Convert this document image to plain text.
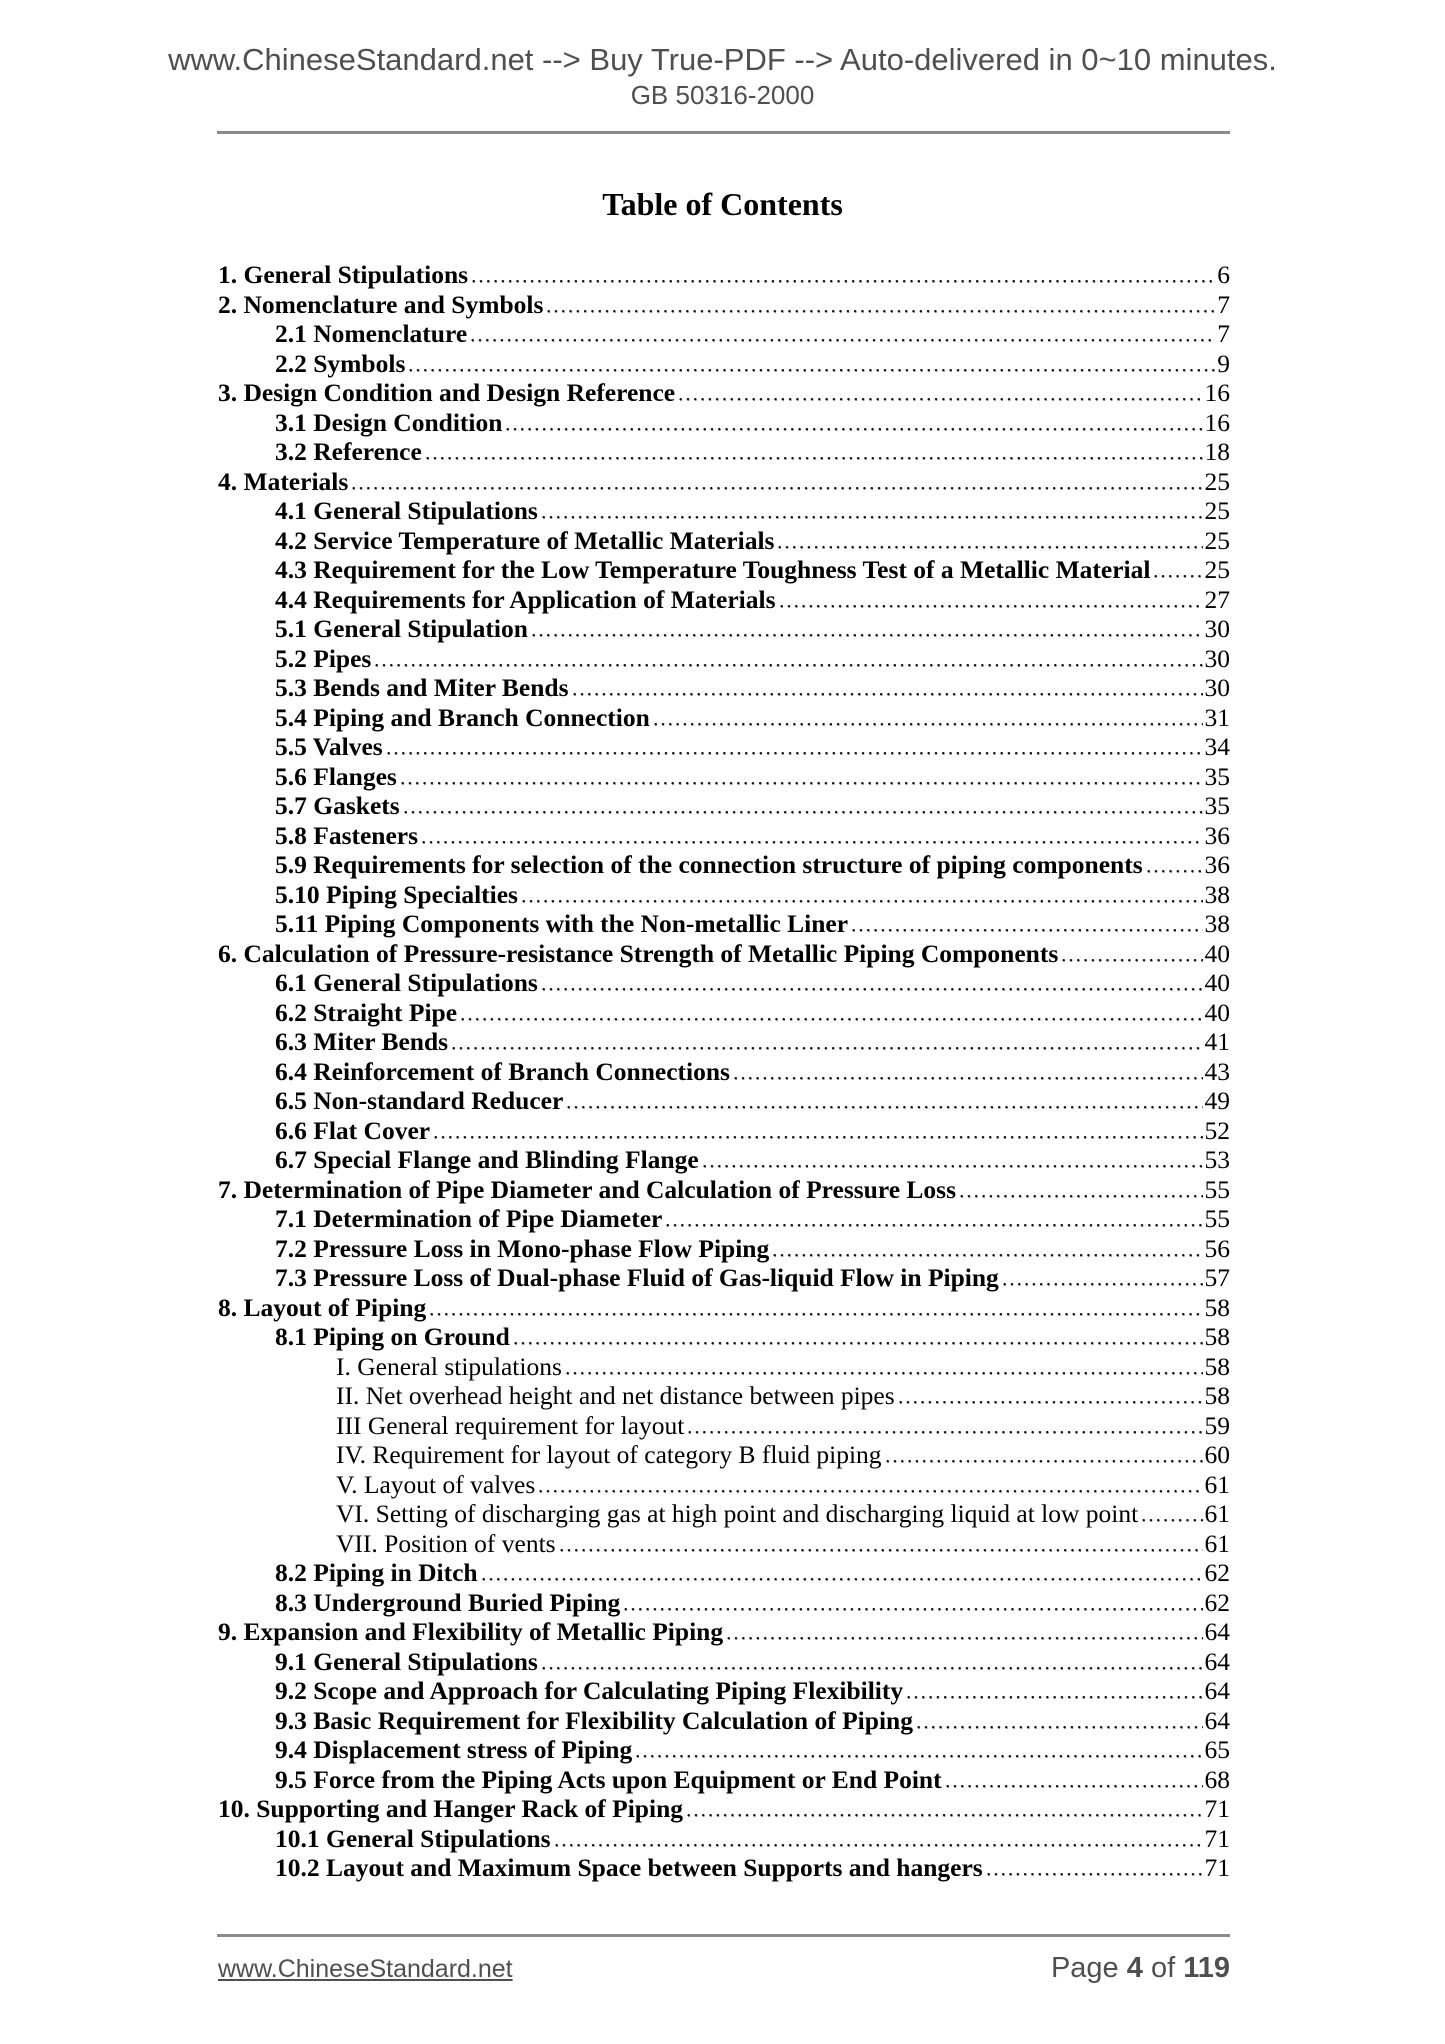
www.ChineseStandard.net --> Buy True-PDF --> Auto-delivered in 0~10 minutes.
GB 50316-2000
Table of Contents
1. General Stipulations	6
2. Nomenclature and Symbols	7
2.1 Nomenclature	7
2.2 Symbols	9
3. Design Condition and Design Reference	16
3.1 Design Condition	16
3.2 Reference	18
4. Materials	25
4.1 General Stipulations	25
4.2 Service Temperature of Metallic Materials	25
4.3 Requirement for the Low Temperature Toughness Test of a Metallic Material 25
4.4 Requirements for Application of Materials	27
5.1 General Stipulation	30
5.2 Pipes	30
5.3 Bends and Miter Bends	30
5.4 Piping and Branch Connection	31
5.5 Valves	34
5.6 Flanges	35
5.7 Gaskets	35
5.8 Fasteners	36
5.9 Requirements for selection of the connection structure of piping components 36
5.10 Piping Specialties	38
5.11 Piping Components with the Non-metallic Liner	38
6. Calculation of Pressure-resistance Strength of Metallic Piping Components	40
6.1 General Stipulations	40
6.2 Straight Pipe	40
6.3 Miter Bends	41
6.4 Reinforcement of Branch Connections	43
6.5 Non-standard Reducer	49
6.6 Flat Cover	52
6.7 Special Flange and Blinding Flange	53
7. Determination of Pipe Diameter and Calculation of Pressure Loss	55
7.1 Determination of Pipe Diameter	55
7.2 Pressure Loss in Mono-phase Flow Piping	56
7.3 Pressure Loss of Dual-phase Fluid of Gas-liquid Flow in Piping	57
8. Layout of Piping	58
8.1 Piping on Ground	58
I. General stipulations	58
II. Net overhead height and net distance between pipes	58
III General requirement for layout	59
IV. Requirement for layout of category B fluid piping	60
V. Layout of valves	61
VI. Setting of discharging gas at high point and discharging liquid at low point	61
VII. Position of vents	61
8.2 Piping in Ditch	62
8.3 Underground Buried Piping	62
9. Expansion and Flexibility of Metallic Piping	64
9.1 General Stipulations	64
9.2 Scope and Approach for Calculating Piping Flexibility	64
9.3 Basic Requirement for Flexibility Calculation of Piping	64
9.4 Displacement stress of Piping	65
9.5 Force from the Piping Acts upon Equipment or End Point	68
10. Supporting and Hanger Rack of Piping	71
10.1 General Stipulations	71
10.2 Layout and Maximum Space between Supports and hangers	71
www.ChineseStandard.net	Page 4 of 119
